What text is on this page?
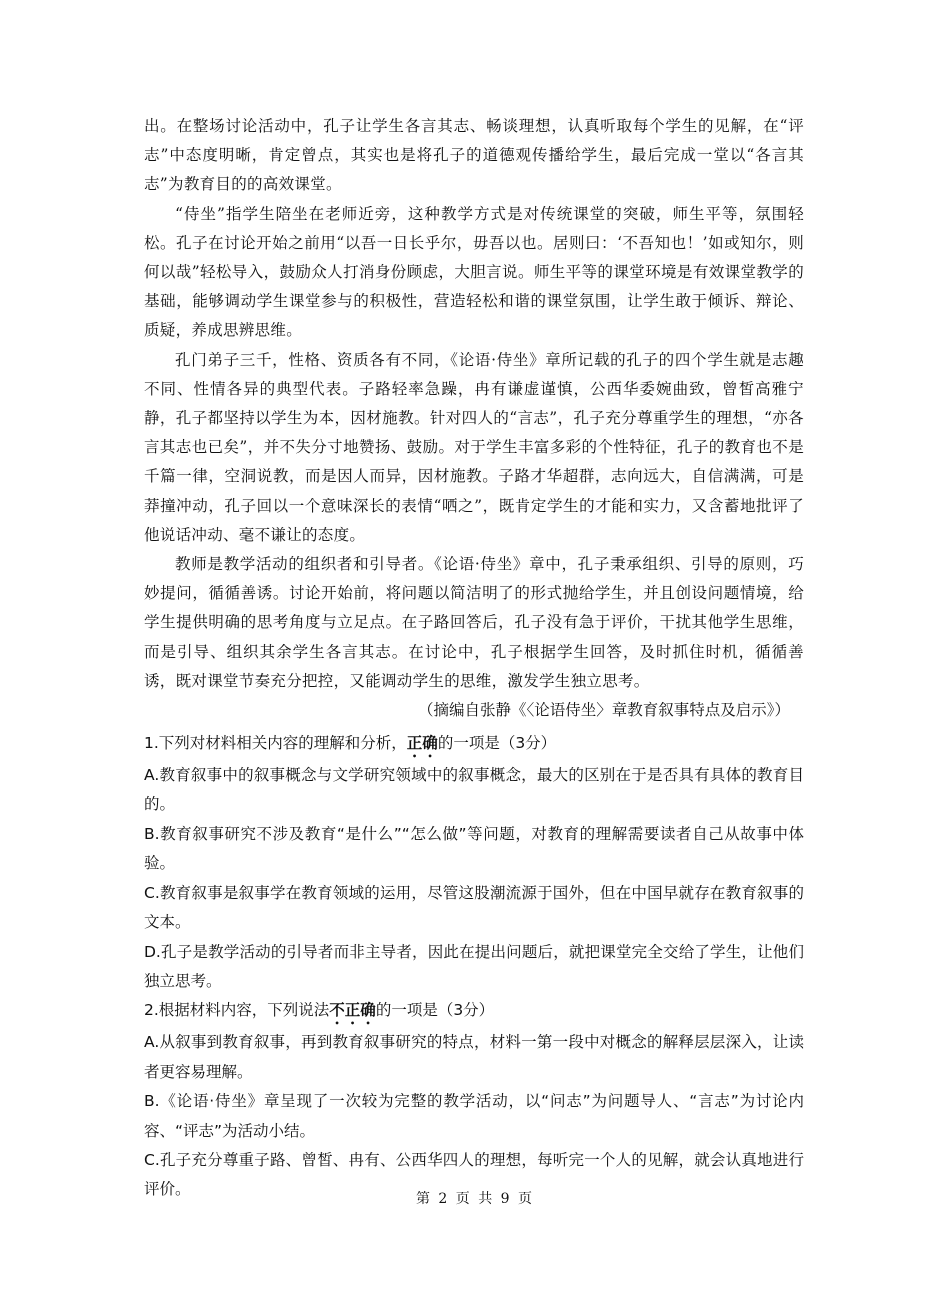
出。在整场讨论活动中，孔子让学生各言其志、畅谈理想，认真听取每个学生的见解，在“评志”中态度明晰，肯定曾点，其实也是将孔子的道德观传播给学生，最后完成一堂以“各言其志”为教育目的的高效课堂。

“侍坐”指学生陪坐在老师近旁，这种教学方式是对传统课堂的突破，师生平等，氛围轻松。孔子在讨论开始之前用“以吾一日长乎尔，毋吾以也。居则曰：‘不吾知也！’如或知尔，则何以哉”轻松导入，鼓励众人打消身份顾虑，大胆言说。师生平等的课堂环境是有效课堂教学的基础，能够调动学生课堂参与的积极性，营造轻松和谐的课堂氛围，让学生敢于倾诉、辩论、质疑，养成思辨思维。

孔门弟子三千，性格、资质各有不同，《论语·侍坐》章所记载的孔子的四个学生就是志趣不同、性情各异的典型代表。子路轻率急躁，冉有谦虚谨慎，公西华委婉曲致，曾皙高雅宁静，孔子都坚持以学生为本，因材施教。针对四人的“言志”，孔子充分尊重学生的理想，“亦各言其志也已矣”，并不失分寸地赞扬、鼓励。对于学生丰富多彩的个性特征，孔子的教育也不是千篇一律，空洞说教，而是因人而异，因材施教。子路才华超群，志向远大，自信满满，可是莽撞冲动，孔子回以一个意味深长的表情“哂之”，既肯定学生的才能和实力，又含蓄地批评了他说话冲动、毫不谦让的态度。

教师是教学活动的组织者和引导者。《论语·侍坐》章中，孔子秉承组织、引导的原则，巧妙提问，循循善诱。讨论开始前，将问题以简洁明了的形式抛给学生，并且创设问题情境，给学生提供明确的思考角度与立足点。在子路回答后，孔子没有急于评价，干扰其他学生思维，而是引导、组织其余学生各言其志。在讨论中，孔子根据学生回答，及时抓住时机，循循善诱，既对课堂节奏充分把控，又能调动学生的思维，激发学生独立思考。

（摘编自张静《〈论语侍坐〉章教育叙事特点及启示》）

1.下列对材料相关内容的理解和分析，正确的一项是（3分）

A.教育叙事中的叙事概念与文学研究领域中的叙事概念，最大的区别在于是否具有具体的教育目的。

B.教育叙事研究不涉及教育“是什么”“怎么做”等问题，对教育的理解需要读者自己从故事中体验。

C.教育叙事是叙事学在教育领域的运用，尽管这股潮流源于国外，但在中国早就存在教育叙事的文本。

D.孔子是教学活动的引导者而非主导者，因此在提出问题后，就把课堂完全交给了学生，让他们独立思考。

2.根据材料内容，下列说法不正确的一项是（3分）

A.从叙事到教育叙事，再到教育叙事研究的特点，材料一第一段中对概念的解释层层深入，让读者更容易理解。

B.《论语·侍坐》章呈现了一次较为完整的教学活动，以“问志”为问题导人、“言志”为讨论内容、“评志”为活动小结。

C.孔子充分尊重子路、曾皙、冉有、公西华四人的理想，每听完一个人的见解，就会认真地进行评价。

第 2 页 共 9 页
